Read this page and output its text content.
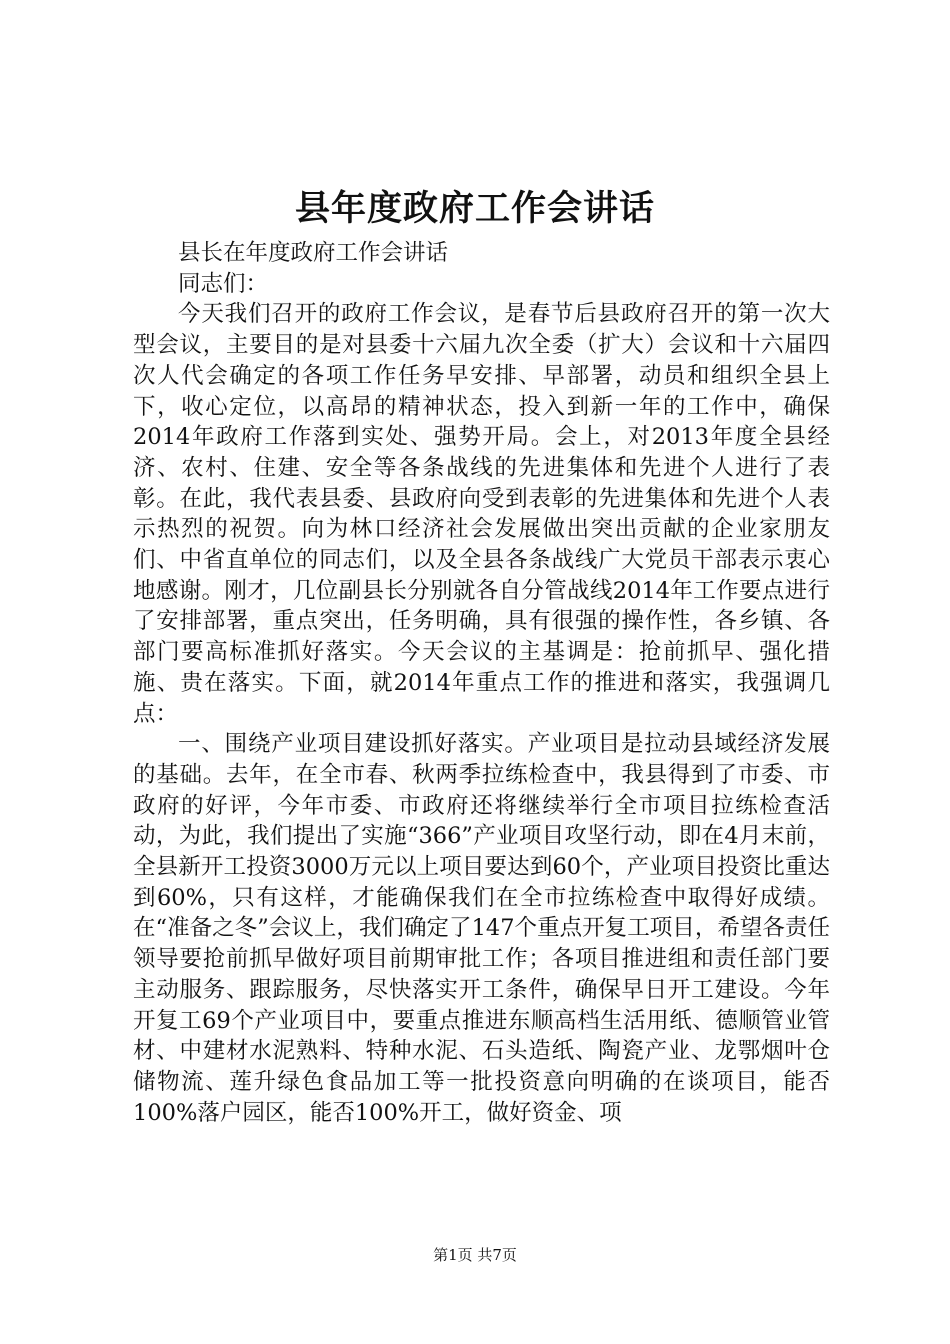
县年度政府工作会讲话

县长在年度政府工作会讲话

同志们：

今天我们召开的政府工作会议，是春节后县政府召开的第一次大型会议，主要目的是对县委十六届九次全委（扩大）会议和十六届四次人代会确定的各项工作任务早安排、早部署，动员和组织全县上下，收心定位，以高昂的精神状态，投入到新一年的工作中，确保2014年政府工作落到实处、强势开局。会上，对2013年度全县经济、农村、住建、安全等各条战线的先进集体和先进个人进行了表彰。在此，我代表县委、县政府向受到表彰的先进集体和先进个人表示热烈的祝贺。向为林口经济社会发展做出突出贡献的企业家朋友们、中省直单位的同志们，以及全县各条战线广大党员干部表示衷心地感谢。刚才，几位副县长分别就各自分管战线2014年工作要点进行了安排部署，重点突出，任务明确，具有很强的操作性，各乡镇、各部门要高标准抓好落实。今天会议的主基调是：抢前抓早、强化措施、贵在落实。下面，就2014年重点工作的推进和落实，我强调几点：

一、围绕产业项目建设抓好落实。产业项目是拉动县域经济发展的基础。去年，在全市春、秋两季拉练检查中，我县得到了市委、市政府的好评，今年市委、市政府还将继续举行全市项目拉练检查活动，为此，我们提出了实施“366”产业项目攻坚行动，即在4月末前，全县新开工投资3000万元以上项目要达到60个，产业项目投资比重达到60%，只有这样，才能确保我们在全市拉练检查中取得好成绩。在“准备之冬”会议上，我们确定了147个重点开复工项目，希望各责任领导要抢前抓早做好项目前期审批工作；各项目推进组和责任部门要主动服务、跟踪服务，尽快落实开工条件，确保早日开工建设。今年开复工69个产业项目中，要重点推进东顺高档生活用纸、德顺管业管材、中建材水泥熟料、特种水泥、石头造纸、陶瓷产业、龙鄂烟叶仓储物流、莲升绿色食品加工等一批投资意向明确的在谈项目，能否100%落户园区，能否100%开工，做好资金、项

第1页 共7页
